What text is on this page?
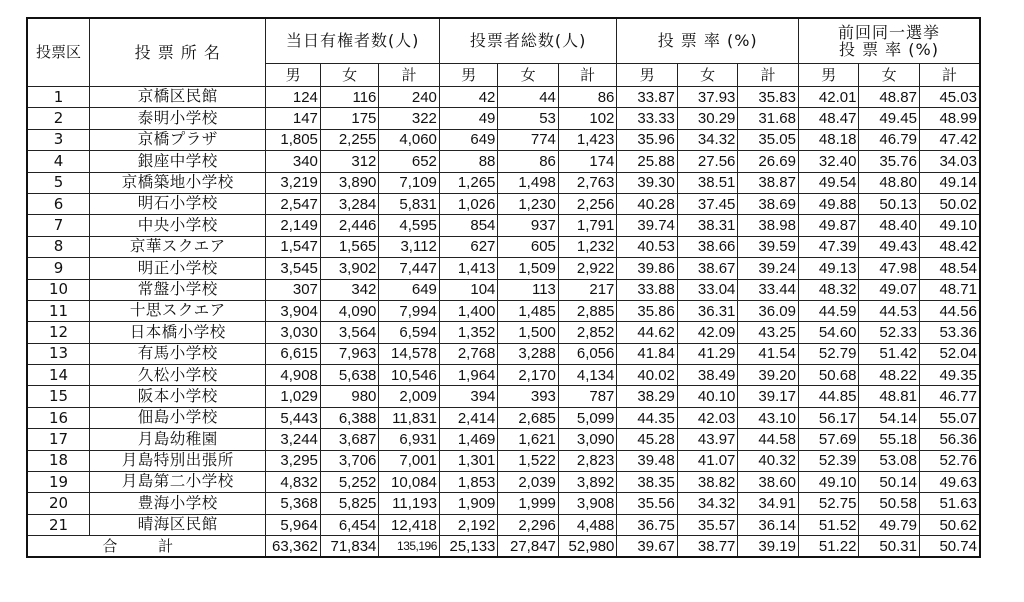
投票区	投 票 所 名	当日有権者数(人)			投票者総数(人)			投 票 率 (%)			前回同一選挙
投 票 率 (%)		

		男	女	計	男	女	計	男	女	計	男	女	計
1	京橋区民館	124	116	240	42	44	86	33.87	37.93	35.83	42.01	48.87	45.03
2	泰明小学校	147	175	322	49	53	102	33.33	30.29	31.68	48.47	49.45	48.99
3	京橋プラザ	1,805	2,255	4,060	649	774	1,423	35.96	34.32	35.05	48.18	46.79	47.42
4	銀座中学校	340	312	652	88	86	174	25.88	27.56	26.69	32.40	35.76	34.03
5	京橋築地小学校	3,219	3,890	7,109	1,265	1,498	2,763	39.30	38.51	38.87	49.54	48.80	49.14
6	明石小学校	2,547	3,284	5,831	1,026	1,230	2,256	40.28	37.45	38.69	49.88	50.13	50.02
7	中央小学校	2,149	2,446	4,595	854	937	1,791	39.74	38.31	38.98	49.87	48.40	49.10
8	京華スクエア	1,547	1,565	3,112	627	605	1,232	40.53	38.66	39.59	47.39	49.43	48.42
9	明正小学校	3,545	3,902	7,447	1,413	1,509	2,922	39.86	38.67	39.24	49.13	47.98	48.54
10	常盤小学校	307	342	649	104	113	217	33.88	33.04	33.44	48.32	49.07	48.71
11	十思スクエア	3,904	4,090	7,994	1,400	1,485	2,885	35.86	36.31	36.09	44.59	44.53	44.56
12	日本橋小学校	3,030	3,564	6,594	1,352	1,500	2,852	44.62	42.09	43.25	54.60	52.33	53.36
13	有馬小学校	6,615	7,963	14,578	2,768	3,288	6,056	41.84	41.29	41.54	52.79	51.42	52.04
14	久松小学校	4,908	5,638	10,546	1,964	2,170	4,134	40.02	38.49	39.20	50.68	48.22	49.35
15	阪本小学校	1,029	980	2,009	394	393	787	38.29	40.10	39.17	44.85	48.81	46.77
16	佃島小学校	5,443	6,388	11,831	2,414	2,685	5,099	44.35	42.03	43.10	56.17	54.14	55.07
17	月島幼稚園	3,244	3,687	6,931	1,469	1,621	3,090	45.28	43.97	44.58	57.69	55.18	56.36
18	月島特別出張所	3,295	3,706	7,001	1,301	1,522	2,823	39.48	41.07	40.32	52.39	53.08	52.76
19	月島第二小学校	4,832	5,252	10,084	1,853	2,039	3,892	38.35	38.82	38.60	49.10	50.14	49.63
20	豊海小学校	5,368	5,825	11,193	1,909	1,999	3,908	35.56	34.32	34.91	52.75	50.58	51.63
21	晴海区民館	5,964	6,454	12,418	2,192	2,296	4,488	36.75	35.57	36.14	51.52	49.79	50.62
合 計		63,362	71,834	135,196	25,133	27,847	52,980	39.67	38.77	39.19	51.22	50.31	50.74
